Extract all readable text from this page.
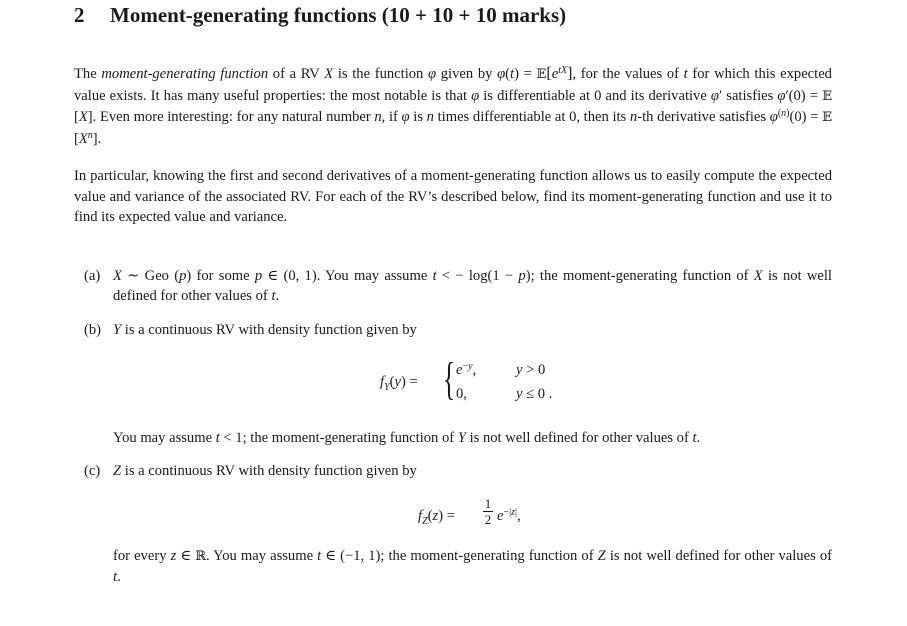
2 Moment-generating functions (10 + 10 + 10 marks)
The moment-generating function of a RV X is the function φ given by $\varphi(t) = 𝔼[e^{tX}]$, for the values of t for which this expected value exists. It has many useful properties: the most notable is that φ is differentiable at 0 and its derivative φ′ satisfies φ′(0) = 𝔼 [X]. Even more interesting: for any natural number n, if φ is n times differentiable at 0, then its n-th derivative satisfies $\varphi^{(n)}(0)$ = 𝔼 $[X^n]$.
In particular, knowing the first and second derivatives of a moment-generating function allows us to easily compute the expected value and variance of the associated RV. For each of the RV’s described below, find its moment-generating function and use it to find its expected value and variance.
(a) X ∼ Geo (p) for some p ∈ (0, 1). You may assume t < − log(1 − p); the moment-generating function of X is not well defined for other values of t.
(b) Y is a continuous RV with density function given by
$f_Y(y)$ = { $e^{-y}$,
0,
y > 0
y ≤ 0 .
You may assume t < 1; the moment-generating function of Y is not well defined for other values of t.
(c) Z is a continuous RV with density function given by
$f_Z(z) = \frac{1}{2} e^{-|z|}$,
for every z ∈ ℝ. You may assume t ∈ (−1, 1); the moment-generating function of Z is not well defined for other values of t.
